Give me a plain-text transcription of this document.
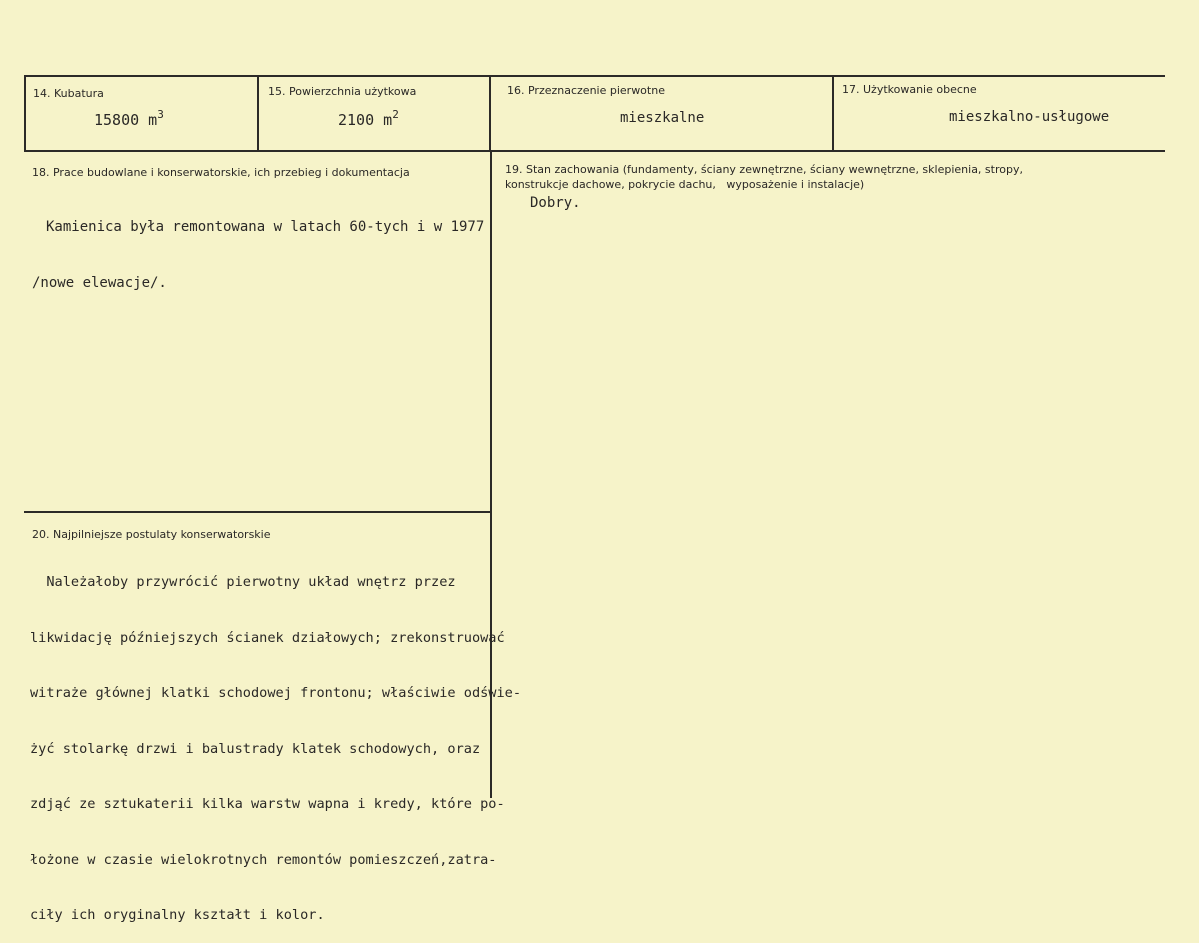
14. Kubatura
15800 $m^3$
15. Powierzchnia użytkowa
2100 $m^2$
16. Przeznaczenie pierwotne
mieszkalne
17. Użytkowanie obecne
mieszkalno-usługowe
18. Prace budowlane i konserwatorskie, ich przebieg i dokumentacja

Kamienica była remontowana w latach 60-tych i w 1977

/nowe elewacje/.

19. Stan zachowania (fundamenty, ściany zewnętrzne, ściany wewnętrzne, sklepienia, stropy,
konstrukcje dachowe, pokrycie dachu,   wyposażenie i instalacje)
Dobry.
20. Najpilniejsze postulaty konserwatorskie

Należałoby przywrócić pierwotny układ wnętrz przez

likwidację późniejszych ścianek działowych; zrekonstruować

witraże głównej klatki schodowej frontonu; właściwie odświe-

żyć stolarkę drzwi i balustrady klatek schodowych, oraz

zdjąć ze sztukaterii kilka warstw wapna i kredy, które po-

łożone w czasie wielokrotnych remontów pomieszczeń,zatra-

ciły ich oryginalny kształt i kolor.
